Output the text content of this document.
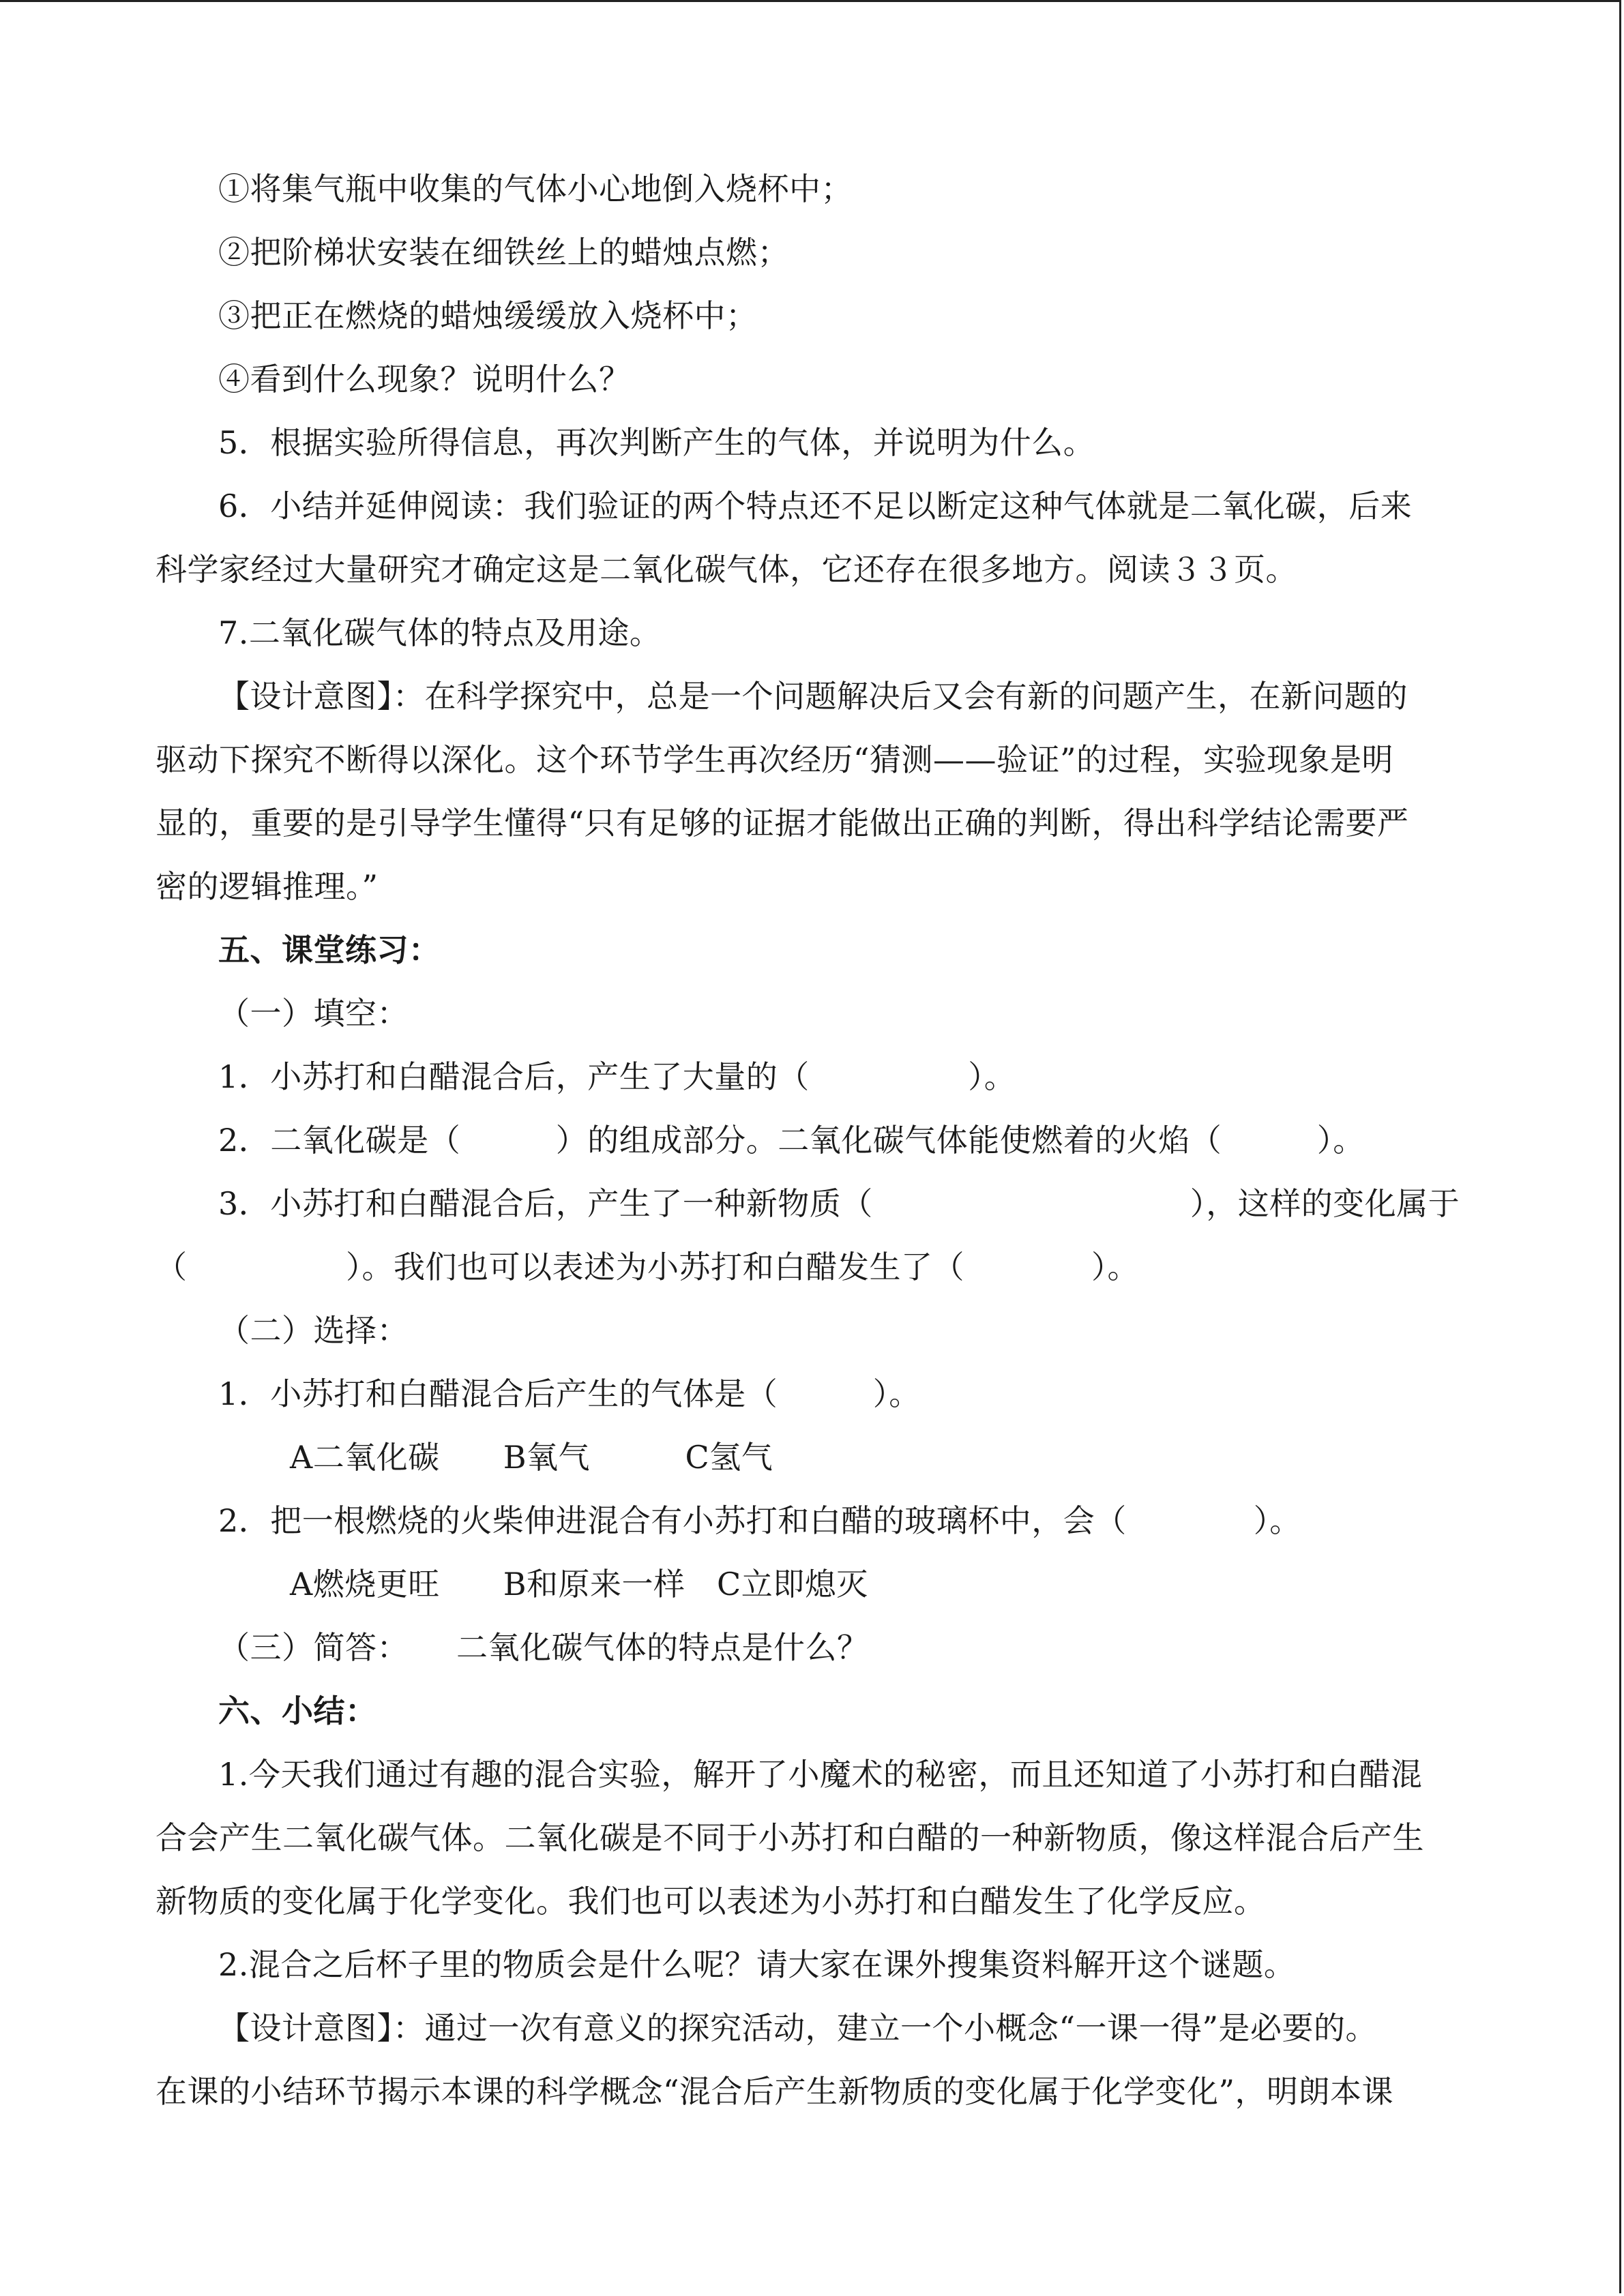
①将集气瓶中收集的气体小心地倒入烧杯中；
②把阶梯状安装在细铁丝上的蜡烛点燃；
③把正在燃烧的蜡烛缓缓放入烧杯中；
④看到什么现象？说明什么？
5．根据实验所得信息，再次判断产生的气体，并说明为什么。
6．小结并延伸阅读：我们验证的两个特点还不足以断定这种气体就是二氧化碳，后来
科学家经过大量研究才确定这是二氧化碳气体，它还存在很多地方。阅读３３页。
7.二氧化碳气体的特点及用途。
【设计意图】：在科学探究中，总是一个问题解决后又会有新的问题产生，在新问题的
驱动下探究不断得以深化。这个环节学生再次经历“猜测——验证”的过程，实验现象是明
显的，重要的是引导学生懂得“只有足够的证据才能做出正确的判断，得出科学结论需要严
密的逻辑推理。”
五、课堂练习：
（一）填空：
1．小苏打和白醋混合后，产生了大量的（　　　　　）。
2．二氧化碳是（　　　）的组成部分。二氧化碳气体能使燃着的火焰（　　　）。
3．小苏打和白醋混合后，产生了一种新物质（　　　　　　　　　　），这样的变化属于
（　　　　　）。我们也可以表述为小苏打和白醋发生了（　　　　）。
（二）选择：
1．小苏打和白醋混合后产生的气体是（　　　）。
A二氧化碳　　B氧气　　　C氢气
2．把一根燃烧的火柴伸进混合有小苏打和白醋的玻璃杯中，会（　　　　）。
A燃烧更旺　　B和原来一样　C立即熄灭
（三）简答：　　二氧化碳气体的特点是什么？
六、小结：
1.今天我们通过有趣的混合实验，解开了小魔术的秘密，而且还知道了小苏打和白醋混
合会产生二氧化碳气体。二氧化碳是不同于小苏打和白醋的一种新物质，像这样混合后产生
新物质的变化属于化学变化。我们也可以表述为小苏打和白醋发生了化学反应。
2.混合之后杯子里的物质会是什么呢？请大家在课外搜集资料解开这个谜题。
【设计意图】：通过一次有意义的探究活动，建立一个小概念“一课一得”是必要的。
在课的小结环节揭示本课的科学概念“混合后产生新物质的变化属于化学变化”，明朗本课
